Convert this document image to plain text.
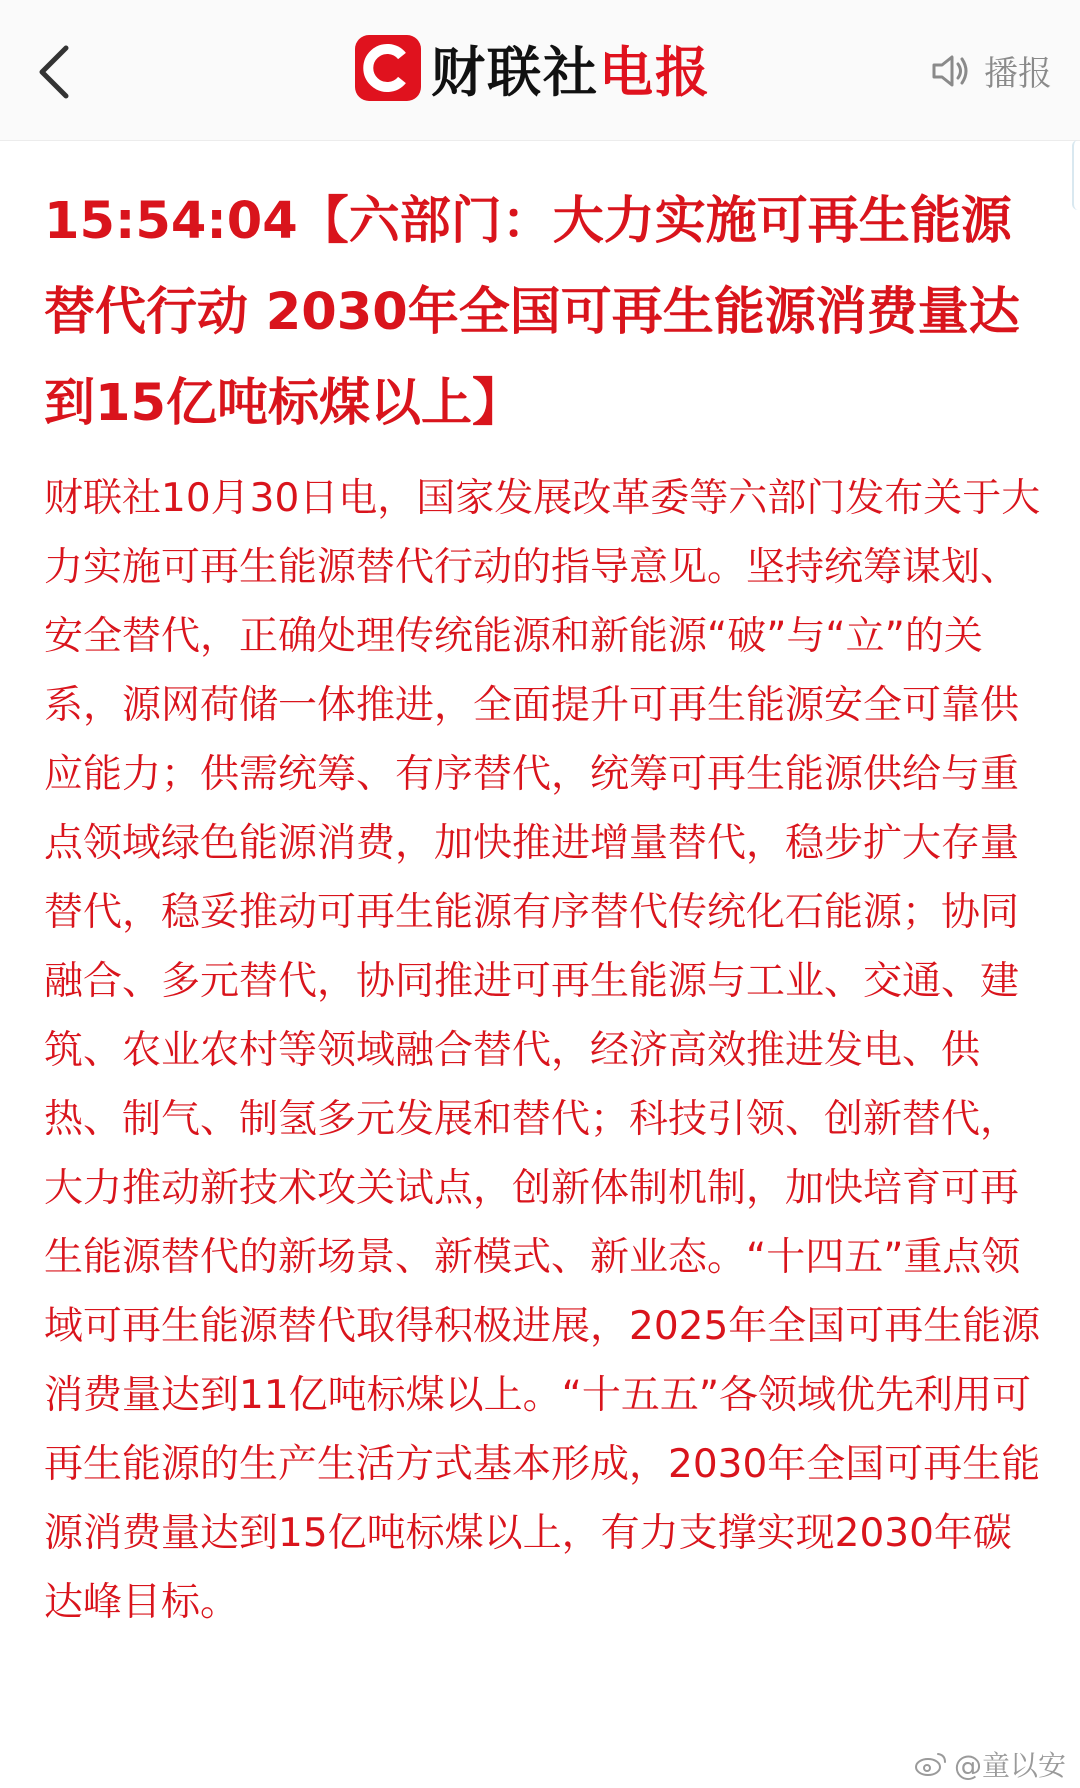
财联社电报	播报

15:54:04【六部门：大力实施可再生能源替代行动 2030年全国可再生能源消费量达到15亿吨标煤以上】

财联社10月30日电，国家发展改革委等六部门发布关于大力实施可再生能源替代行动的指导意见。坚持统筹谋划、安全替代，正确处理传统能源和新能源“破”与“立”的关系，源网荷储一体推进，全面提升可再生能源安全可靠供应能力；供需统筹、有序替代，统筹可再生能源供给与重点领域绿色能源消费，加快推进增量替代，稳步扩大存量替代，稳妥推动可再生能源有序替代传统化石能源；协同融合、多元替代，协同推进可再生能源与工业、交通、建筑、农业农村等领域融合替代，经济高效推进发电、供热、制气、制氢多元发展和替代；科技引领、创新替代，大力推动新技术攻关试点，创新体制机制，加快培育可再生能源替代的新场景、新模式、新业态。“十四五”重点领域可再生能源替代取得积极进展，2025年全国可再生能源消费量达到11亿吨标煤以上。“十五五”各领域优先利用可再生能源的生产生活方式基本形成，2030年全国可再生能源消费量达到15亿吨标煤以上，有力支撑实现2030年碳达峰目标。

@童以安
